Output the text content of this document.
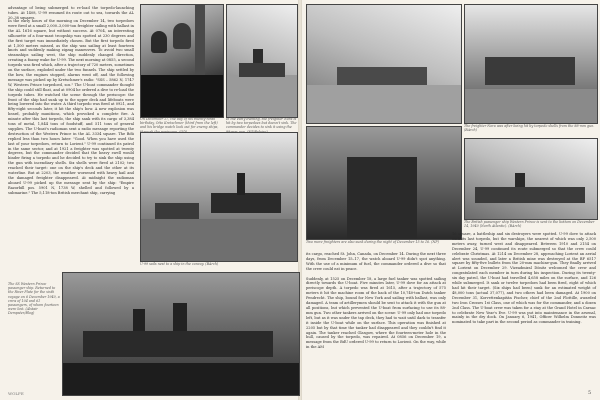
advantage of being submerged to re-load the torpedo-launching tubes. At 1408, U-99 resumed its route out to sea, towards the AL 20–38 squares.
In the early hours of the morning on December 14, two torpedoes were fired at a small 2,000–3,000-ton freighter sailing with ballast in the AL 1616 square, but without success. At 0704, an interesting silhouette of a four-mast troopship was spotted at 230 degrees and the first target was immediately chosen. But the first torpedo fired at 1,500 meters missed, as the ship was sailing at least fourteen knots and suddenly making zigzag maneuvers. To avoid two small steamships sailing west, the ship suddenly changed direction, creating a foamy wake for U-99. The next morning at 0855, a second torpedo was fired which, after a trajectory of 720 meters, sometimes on the surface, exploded under the two funnels. The ship settled by the bow, the engines stopped, alarms went off, and the following message was picked up by Kretschmer's radio: "SSS – 5862 N, 1747 W, Western Prince torpedoed, sos." The U-boat commander thought the ship could still float, and at 0904 he ordered a dive to re-load the torpedo tubes. He watched the scene through the periscope: the front of the ship had sunk up to the upper deck and lifeboats were being lowered into the water. A third torpedo was fired at 0921, and fifty-eight seconds later, it hit the ship's bow. A new explosion was heard, probably munitions, which provoked a complete fire. A minute after this last torpedo, the ship sank with its cargo of 3,384 tons of metal, 1,844 tons of foodstuff, and 511 tons of general supplies. The U-boat's radioman sent a radio message reporting the destruction of the Western Prince in the AL 3334 square. The Bdü replied less than two hours later: "Good. When you have used the last of your torpedoes, return to Lorient." U-99 continued its patrol in the same sector, and at 1921 a freighter was spotted at twenty degrees, but the commander decided that the heavy swell would hinder firing a torpedo and he decided to try to sink the ship using the gun with incendiary shells. Six shells were fired at 2102; two reached their target: one on the ship's deck and the other at its waterline. But at 2203, the weather worsened with heavy hail and the damaged freighter disappeared. At midnight the radioman aboard U-99 picked up the message sent by the ship: "Empire Razorbill pos. 5901 N, 1738 W, shelled and followed by a submarine." The 5,118-ton British merchant ship, carrying
On December 17, the day of his twenty-ninth birthday, Otto Kretschmer (third from the left) and his bridge watch look out for enemy ships,
In the early evening, the freighter Nora is hit by two torpedoes but doesn't sink. The commander decides to sink it using the
U-99 sails next to a ship in the convoy. (BArch)
The SS Western Prince passenger ship. Returned to the River Plate for the sixth voyage on 6 December 1940, a crew of 104 and 61 passengers, of whom fourteen were lost. (Alstair Dempster/Blog)
WOLFE
The freighter Nora was after being hit by torpedo shells from the 88-mm gun. (BArch)
The British passenger ship Western Prince is sent to the bottom on December 14, 1940 (North Atlantic). (BArch)
Two more freighters are also sunk during the night of December 15 to 16. (NP)
its cargo, reached St. John, Canada, on December 14. During the next three days, from December 15–17, the watch aboard U-99 didn't spot anything. With the use of a minimum of fuel, the commander ordered a dive so that the crew could eat in peace.

Suddenly, at 1525 on December 18, a large fuel tanker was spotted sailing directly towards the U-boat. Five minutes later, U-99 dove for an attack at periscope depth. A torpedo was fired at 1615, after a trajectory of 575 meters it hit the machine room of the back of the 10,740-ton Dutch tanker Pendrecht. The ship, bound for New York and sailing with ballast, was only damaged. A team of artillerymen should be sent to attack it with the gun at all positions, but which prevented the U-boat from surfacing to use its 88-mm gun. Two other tankers arrived on the scene: U-99 only had one torpedo left, but as it was under the tap deck, they had to wait until dark to transfer it inside the U-boat while on the surface. This operation was finished at 2205 but by that time the tanker had disappeared and they couldn't find it again. The tanker reached Glasgow, where the fourteen-meter hole in the hull, caused by the torpedo, was repaired. At 0856 on December 19, a message from the BdU ordered U-99 to return to Lorient. On the way, while in the AM
16 square, a battleship and six destroyers were spotted. U-99 dove to attack with its last torpedo, but the warships, the nearest of which was only 2,500 meters away, turned west and disappeared. Between 1910 and 2154 on December 24, U-99 continued its route submerged so that the crew could celebrate Christmas. At 1214 on December 28, approaching Lorient an aerial alert was sounded, and later a British mine was destroyed at the BF 6517 square by fifty-five bullets from the 20-mm machine-gun. They finally arrived at Lorient on December 29. Vizeadmiral Dönitz welcomed the crew and congratulated each member in turn during his inspection. During its twenty-six day patrol, the U-boat had travelled 4,658 miles on the surface, and 126 while submerged. It sank or twelve torpedoes had been fired, eight of which had hit their target. (Six ships had been) sunk for an estimated weight of 48,000 tons (actual 37,077), and two others had been damaged. At 1900 on December 31, Korvettenkapitän Fischer, chief of the 2nd Flottille, awarded two Iron Crosses 1st Class, one of which was for the commander, and a dozen 2nd Class. The U-boat crew was taken for a stay at the Grand Hotel in Carnac to celebrate New Year's Eve. U-99 was put into maintenance in the arsenal, mainly in the dry dock. On January 6, 1941, Officer Wilhelm Donneitz was nominated to take part in the second period as commander in training.
5
